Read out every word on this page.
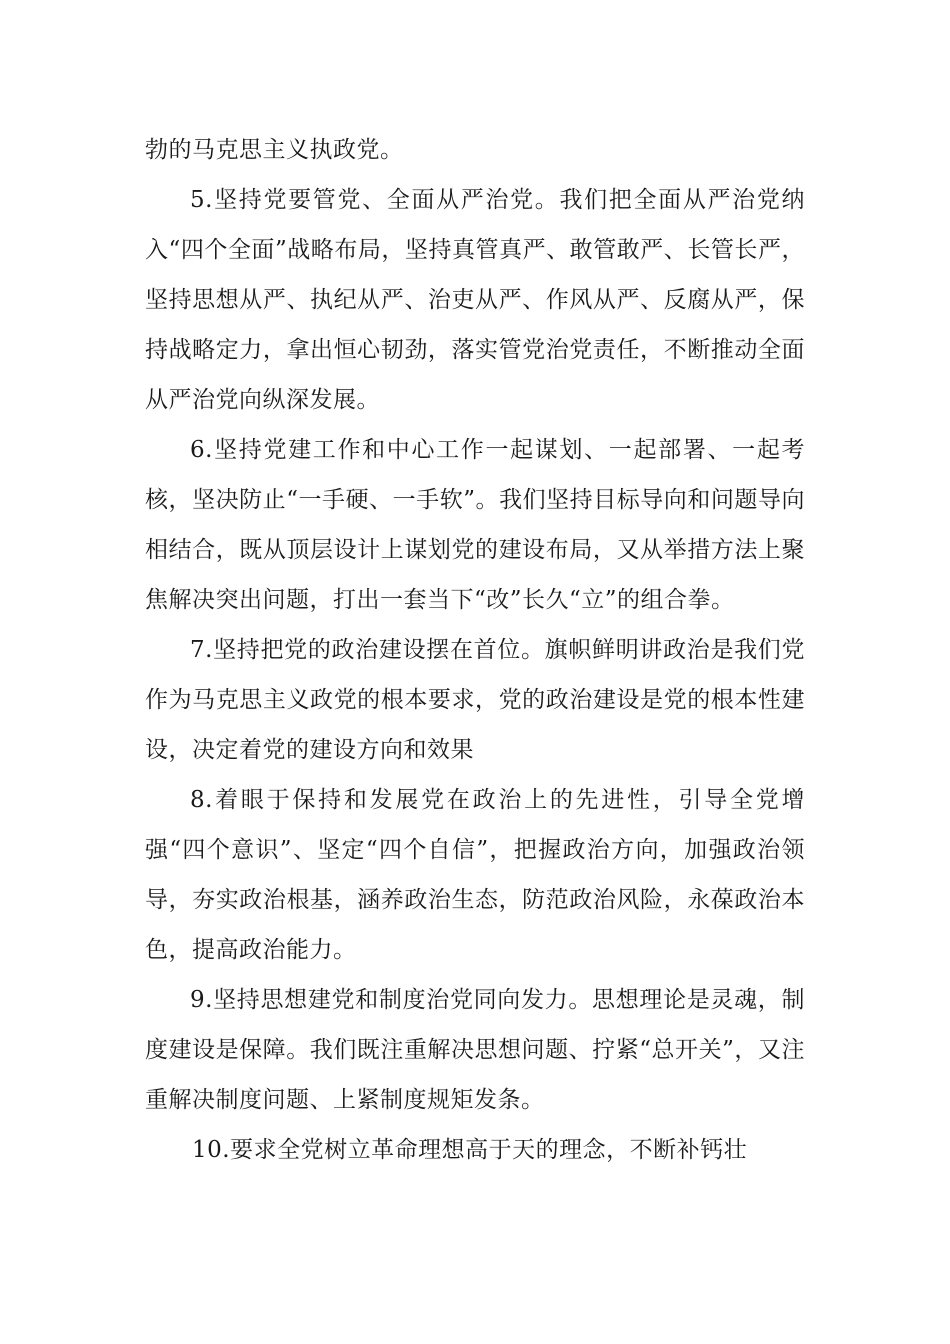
勃的马克思主义执政党。

5.坚持党要管党、全面从严治党。我们把全面从严治党纳入“四个全面”战略布局，坚持真管真严、敢管敢严、长管长严，坚持思想从严、执纪从严、治吏从严、作风从严、反腐从严，保持战略定力，拿出恒心韧劲，落实管党治党责任，不断推动全面从严治党向纵深发展。

6.坚持党建工作和中心工作一起谋划、一起部署、一起考核，坚决防止“一手硬、一手软”。我们坚持目标导向和问题导向相结合，既从顶层设计上谋划党的建设布局，又从举措方法上聚焦解决突出问题，打出一套当下“改”长久“立”的组合拳。

7.坚持把党的政治建设摆在首位。旗帜鲜明讲政治是我们党作为马克思主义政党的根本要求，党的政治建设是党的根本性建设，决定着党的建设方向和效果

8.着眼于保持和发展党在政治上的先进性，引导全党增强“四个意识”、坚定“四个自信”，把握政治方向，加强政治领导，夯实政治根基，涵养政治生态，防范政治风险，永葆政治本色，提高政治能力。

9.坚持思想建党和制度治党同向发力。思想理论是灵魂，制度建设是保障。我们既注重解决思想问题、拧紧“总开关”，又注重解决制度问题、上紧制度规矩发条。

10.要求全党树立革命理想高于天的理念，不断补钙壮
